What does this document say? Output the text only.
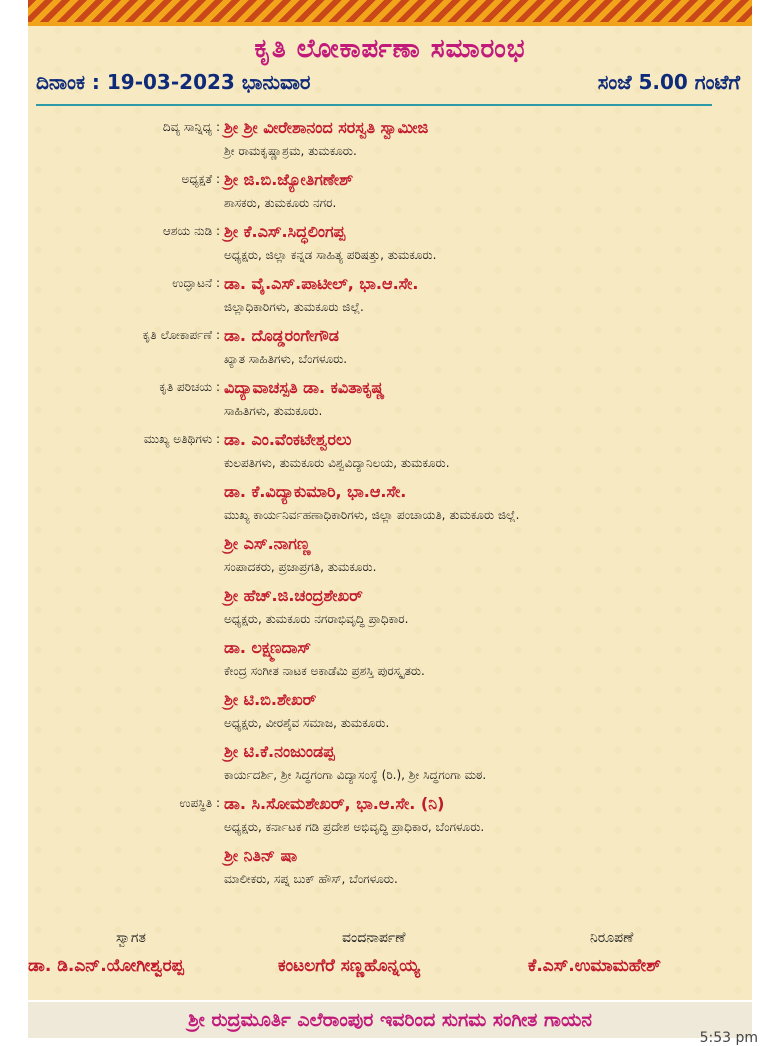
ಕೃತಿ ಲೋಕಾರ್ಪಣಾ ಸಮಾರಂಭ
ದಿನಾಂಕ : 19-03-2023 ಭಾನುವಾರ	ಸಂಜೆ 5.00 ಗಂಟೆಗೆ
ದಿವ್ಯ ಸಾನ್ನಿಧ್ಯ : ಶ್ರೀ ಶ್ರೀ ವೀರೇಶಾನಂದ ಸರಸ್ವತಿ ಸ್ವಾಮೀಜಿ
ಶ್ರೀ ರಾಮಕೃಷ್ಣಾಶ್ರಮ, ತುಮಕೂರು.
ಅಧ್ಯಕ್ಷತೆ : ಶ್ರೀ ಜಿ.ಬಿ.ಜ್ಯೋತಿಗಣೇಶ್
ಶಾಸಕರು, ತುಮಕೂರು ನಗರ.
ಆಶಯ ನುಡಿ : ಶ್ರೀ ಕೆ.ಎಸ್.ಸಿದ್ಧಲಿಂಗಪ್ಪ
ಅಧ್ಯಕ್ಷರು, ಜಿಲ್ಲಾ ಕನ್ನಡ ಸಾಹಿತ್ಯ ಪರಿಷತ್ತು, ತುಮಕೂರು.
ಉದ್ಘಾಟನೆ : ಡಾ. ವೈ.ಎಸ್.ಪಾಟೀಲ್, ಭಾ.ಆ.ಸೇ.
ಜಿಲ್ಲಾಧಿಕಾರಿಗಳು, ತುಮಕೂರು ಜಿಲ್ಲೆ.
ಕೃತಿ ಲೋಕಾರ್ಪಣೆ : ಡಾ. ದೊಡ್ಡರಂಗೇಗೌಡ
ಖ್ಯಾತ ಸಾಹಿತಿಗಳು, ಬೆಂಗಳೂರು.
ಕೃತಿ ಪರಿಚಯ : ವಿದ್ಯಾವಾಚಸ್ಪತಿ ಡಾ. ಕವಿತಾಕೃಷ್ಣ
ಸಾಹಿತಿಗಳು, ತುಮಕೂರು.
ಮುಖ್ಯ ಅತಿಥಿಗಳು : ಡಾ. ಎಂ.ವೆಂಕಟೇಶ್ವರಲು
ಕುಲಪತಿಗಳು, ತುಮಕೂರು ವಿಶ್ವವಿದ್ಯಾನಿಲಯ, ತುಮಕೂರು.
ಡಾ. ಕೆ.ವಿದ್ಯಾಕುಮಾರಿ, ಭಾ.ಆ.ಸೇ.
ಮುಖ್ಯ ಕಾರ್ಯನಿರ್ವಹಣಾಧಿಕಾರಿಗಳು, ಜಿಲ್ಲಾ ಪಂಚಾಯತಿ, ತುಮಕೂರು ಜಿಲ್ಲೆ.
ಶ್ರೀ ಎಸ್.ನಾಗಣ್ಣ
ಸಂಪಾದಕರು, ಪ್ರಜಾಪ್ರಗತಿ, ತುಮಕೂರು.
ಶ್ರೀ ಹೆಚ್.ಜಿ.ಚಂದ್ರಶೇಖರ್
ಅಧ್ಯಕ್ಷರು, ತುಮಕೂರು ನಗರಾಭಿವೃದ್ಧಿ ಪ್ರಾಧಿಕಾರ.
ಡಾ. ಲಕ್ಷ್ಮಣದಾಸ್
ಕೇಂದ್ರ ಸಂಗೀತ ನಾಟಕ ಅಕಾಡೆಮಿ ಪ್ರಶಸ್ತಿ ಪುರಸ್ಕೃತರು.
ಶ್ರೀ ಟಿ.ಬಿ.ಶೇಖರ್
ಅಧ್ಯಕ್ಷರು, ವೀರಶೈವ ಸಮಾಜ, ತುಮಕೂರು.
ಶ್ರೀ ಟಿ.ಕೆ.ನಂಜುಂಡಪ್ಪ
ಕಾರ್ಯದರ್ಶಿ, ಶ್ರೀ ಸಿದ್ಧಗಂಗಾ ವಿದ್ಯಾಸಂಸ್ಥೆ (ರಿ.), ಶ್ರೀ ಸಿದ್ಧಗಂಗಾ ಮಠ.
ಉಪಸ್ಥಿತಿ : ಡಾ. ಸಿ.ಸೋಮಶೇಖರ್, ಭಾ.ಆ.ಸೇ. (ನಿ)
ಅಧ್ಯಕ್ಷರು, ಕರ್ನಾಟಕ ಗಡಿ ಪ್ರದೇಶ ಅಭಿವೃದ್ಧಿ ಪ್ರಾಧಿಕಾರ, ಬೆಂಗಳೂರು.
ಶ್ರೀ ನಿತಿನ್ ಷಾ
ಮಾಲೀಕರು, ಸಪ್ನ ಬುಕ್ ಹೌಸ್, ಬೆಂಗಳೂರು.
ಸ್ವಾಗತ	ವಂದನಾರ್ಪಣೆ	ನಿರೂಪಣೆ
ಡಾ. ಡಿ.ಎನ್.ಯೋಗೀಶ್ವರಪ್ಪ	ಕಂಟಲಗೆರೆ ಸಣ್ಣಹೊನ್ನಯ್ಯ	ಕೆ.ಎಸ್.ಉಮಾಮಹೇಶ್
ಶ್ರೀ ರುದ್ರಮೂರ್ತಿ ಎಲೆರಾಂಪುರ ಇವರಿಂದ ಸುಗಮ ಸಂಗೀತ ಗಾಯನ
5:53 pm
